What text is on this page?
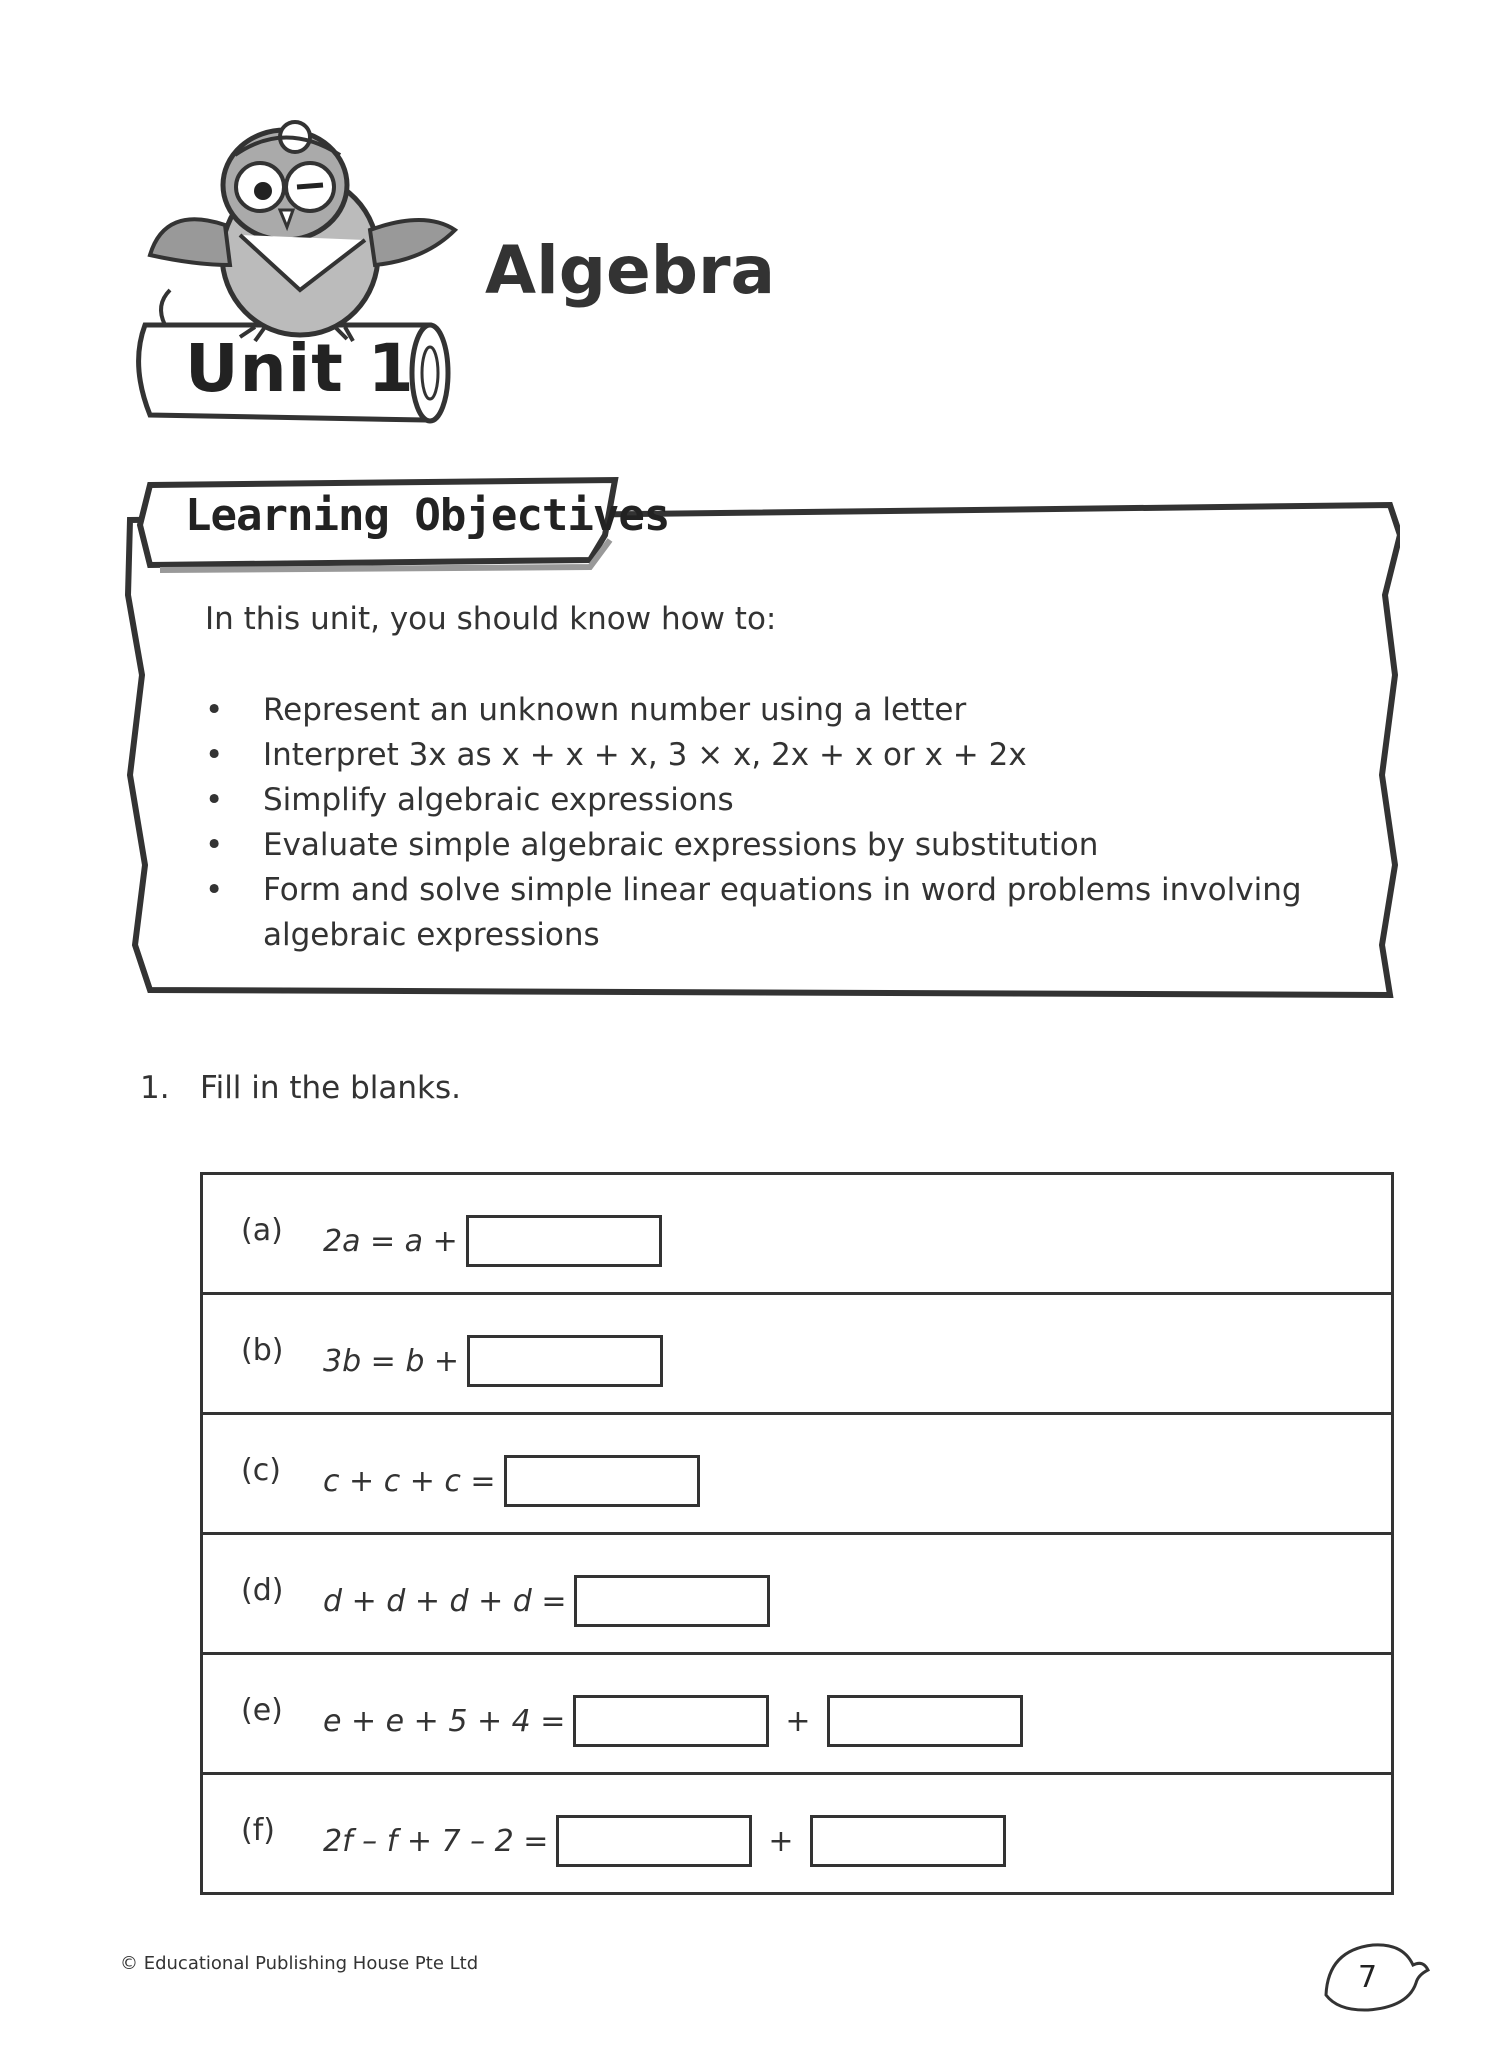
Unit 1
Algebra
Learning Objectives
In this unit, you should know how to:
• Represent an unknown number using a letter
• Interpret 3x as x + x + x, 3 × x, 2x + x or x + 2x
• Simplify algebraic expressions
• Evaluate simple algebraic expressions by substitution
• Form and solve simple linear equations in word problems involving algebraic expressions
1. Fill in the blanks.
(a) 2a = a +
(b) 3b = b +
(c) c + c + c =
(d) d + d + d + d =
(e) e + e + 5 + 4 =	+
(f) 2f – f + 7 – 2 =	+
© Educational Publishing House Pte Ltd	7
